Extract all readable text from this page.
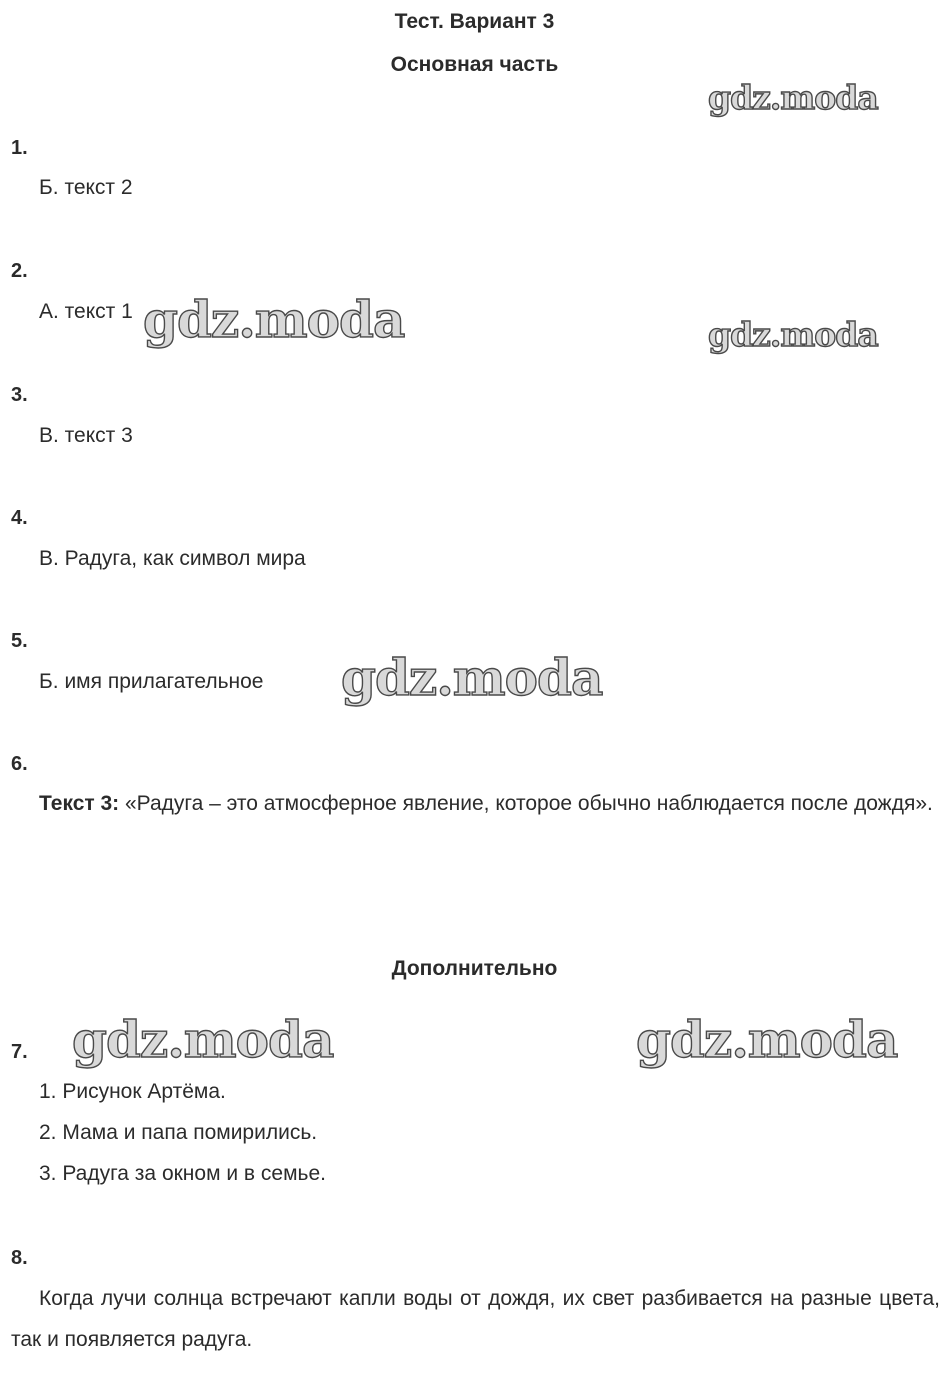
Тест. Вариант 3
Основная часть
gdz.moda
gdz.moda	gdz.moda
gdz.moda
gdz.moda	gdz.moda
1.
Б. текст 2
2.
А. текст 1
3.
В. текст 3
4.
В. Радуга, как символ мира
5.
Б. имя прилагательное
6.
Текст 3: «Радуга – это атмосферное явление, которое обычно наблюдается после дождя».
Дополнительно
7.
1. Рисунок Артёма.
2. Мама и папа помирились.
3. Радуга за окном и в семье.
8.
Когда лучи солнца встречают капли воды от дождя, их свет разбивается на разные цвета, так и появляется радуга.
